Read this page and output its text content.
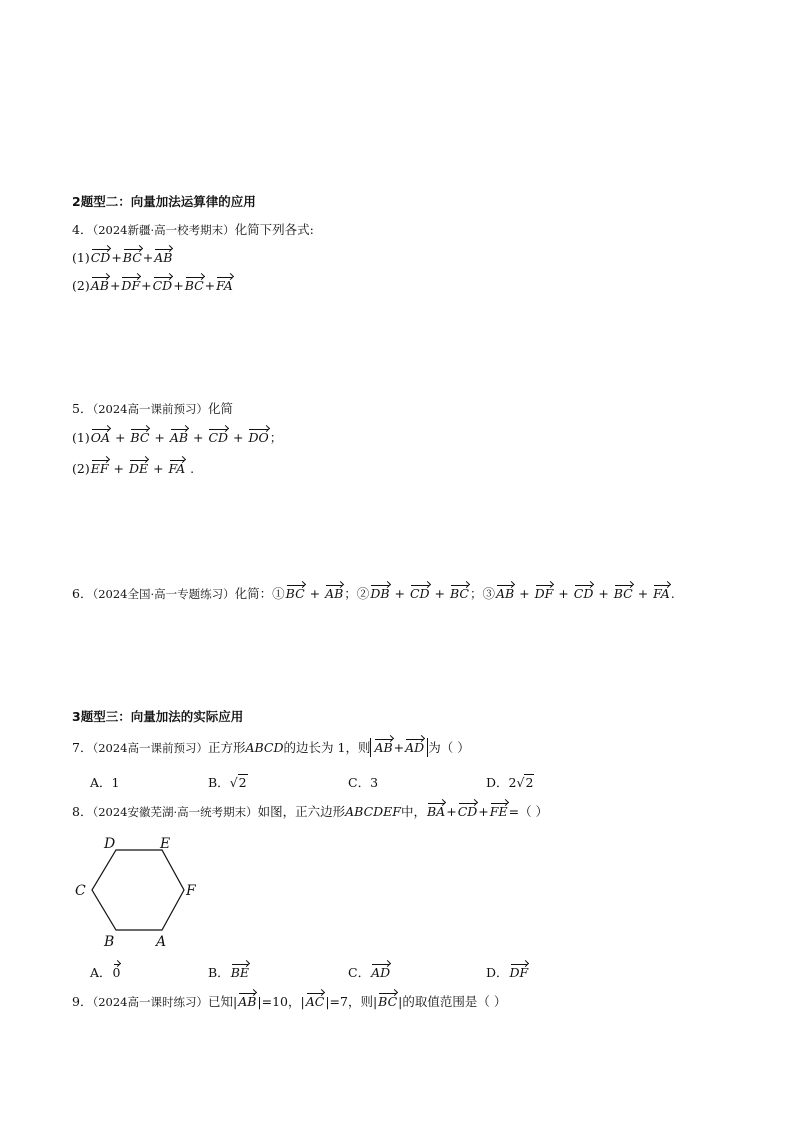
2题型二：向量加法运算律的应用
4．（2024新疆·高一校考期末）化简下列各式:
(1)CD+BC+AB
(2)AB+DF+CD+BC+FA
5．（2024高一课前预习）化简
(1)OA + BC + AB + CD + DO；
(2)EF + DE + FA .
6．（2024全国·高一专题练习）化简：①BC + AB；②DB + CD + BC；③AB + DF + CD + BC + FA.
3题型三：向量加法的实际应用
7．（2024高一课前预习）正方形ABCD的边长为 1，则 AB+AD 为（ ）
A．1	B．√2	C．3	D．2√2
8．（2024安徽芜湖·高一统考期末）如图，正六边形ABCDEF中，BA+CD+FE=（ ）
D	E
C	F
B	A
A．0	B．BE	C．AD	D．DF
9．（2024高一课时练习）已知|AB|=10，|AC|=7，则|BC|的取值范围是（ ）
